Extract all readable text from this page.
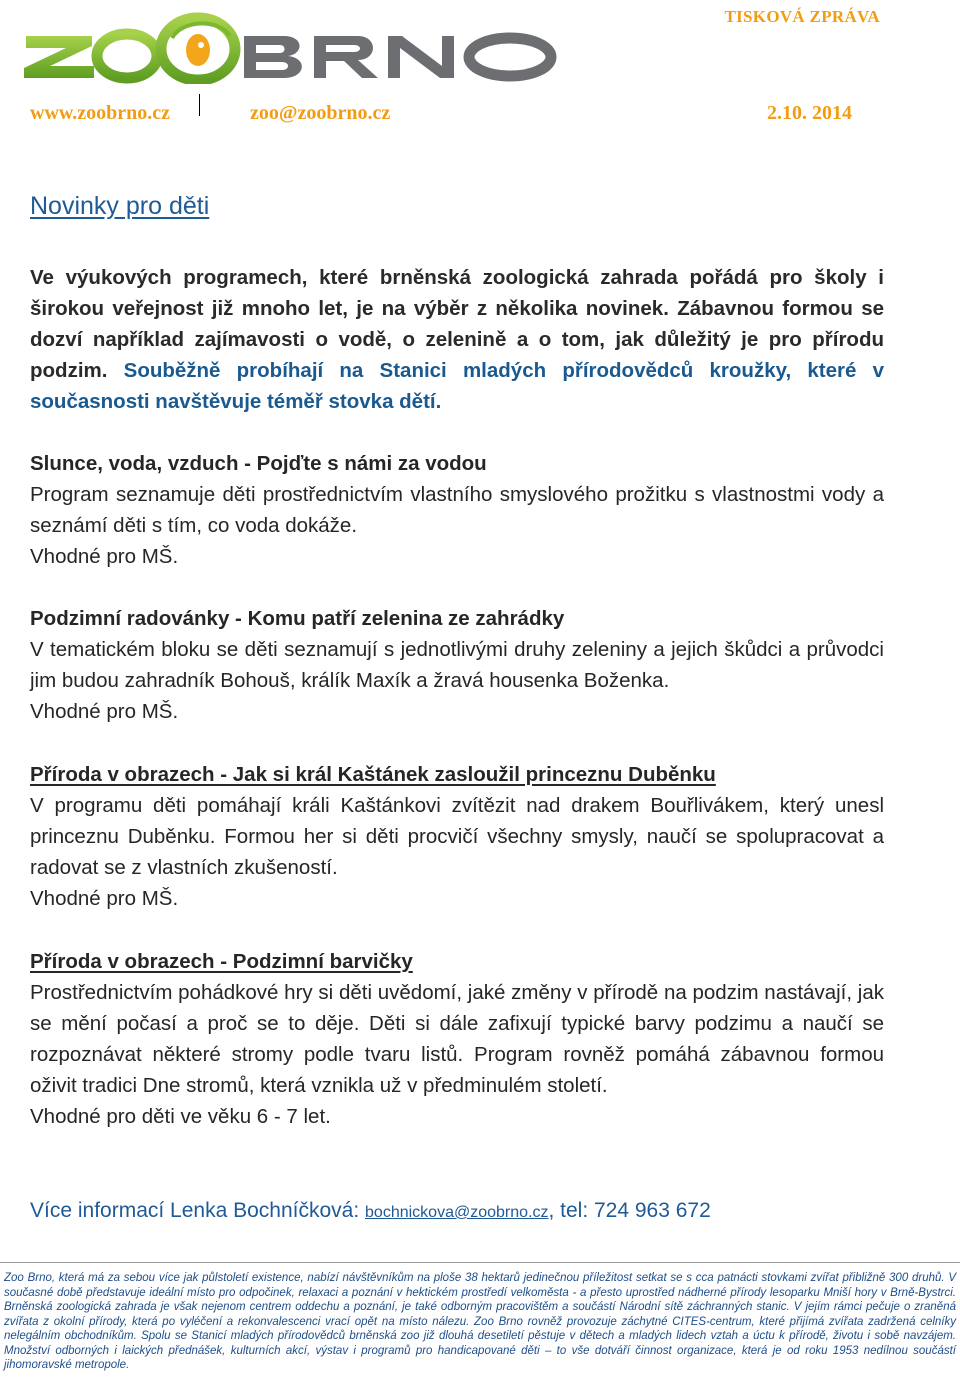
TISKOVÁ ZPRÁVA
www.zoobrno.cz	zoo@zoobrno.cz	2.10. 2014
Novinky pro děti
Ve výukových programech, které brněnská zoologická zahrada pořádá pro školy i širokou veřejnost již mnoho let, je na výběr z několika novinek. Zábavnou formou se dozví například zajímavosti o vodě, o zelenině a o tom, jak důležitý je pro přírodu podzim. Souběžně probíhají na Stanici mladých přírodovědců kroužky, které v současnosti navštěvuje téměř stovka dětí.
Slunce, voda, vzduch - Pojďte s námi za vodou

Program seznamuje děti prostřednictvím vlastního smyslového prožitku s vlastnostmi vody a seznámí děti s tím, co voda dokáže.

Vhodné pro MŠ.

Podzimní radovánky - Komu patří zelenina ze zahrádky

V tematickém bloku se děti seznamují s jednotlivými druhy zeleniny a jejich škůdci a průvodci jim budou zahradník Bohouš, králík Maxík a žravá housenka Boženka.

Vhodné pro MŠ.

Příroda v obrazech - Jak si král Kaštánek zasloužil princeznu Duběnku

V programu děti pomáhají králi Kaštánkovi zvítězit nad drakem Bouřlivákem, který unesl princeznu Duběnku. Formou her si děti procvičí všechny smysly, naučí se spolupracovat a radovat se z vlastních zkušeností.

Vhodné pro MŠ.

Příroda v obrazech - Podzimní barvičky

Prostřednictvím pohádkové hry si děti uvědomí, jaké změny v přírodě na podzim nastávají, jak se mění počasí a proč se to děje. Děti si dále zafixují typické barvy podzimu a naučí se rozpoznávat některé stromy podle tvaru listů. Program rovněž pomáhá zábavnou formou oživit tradici Dne stromů, která vznikla už v předminulém století.

Vhodné pro děti ve věku 6 - 7 let.

Více informací Lenka Bochníčková: bochnickova@zoobrno.cz, tel: 724 963 672
Zoo Brno, která má za sebou více jak půlstoletí existence, nabízí návštěvníkům na ploše 38 hektarů jedinečnou příležitost setkat se s cca patnácti stovkami zvířat přibližně 300 druhů. V současné době představuje ideální místo pro odpočinek, relaxaci a poznání v hektickém prostředí velkoměsta - a přesto uprostřed nádherné přírody lesoparku Mniší hory v Brně-Bystrci. Brněnská zoologická zahrada je však nejenom centrem oddechu a poznání, je také odborným pracovištěm a součástí Národní sítě záchranných stanic. V jejím rámci pečuje o zraněná zvířata z okolní přírody, která po vyléčení a rekonvalescenci vrací opět na místo nálezu. Zoo Brno rovněž provozuje záchytné CITES-centrum, které přijímá zvířata zadržená celníky nelegálním obchodníkům. Spolu se Stanicí mladých přírodovědců brněnská zoo již dlouhá desetiletí pěstuje v dětech a mladých lidech vztah a úctu k přírodě, životu i sobě navzájem. Množství odborných i laických přednášek, kulturních akcí, výstav i programů pro handicapované děti – to vše dotváří činnost organizace, která je od roku 1953 nedílnou součástí jihomoravské metropole.
